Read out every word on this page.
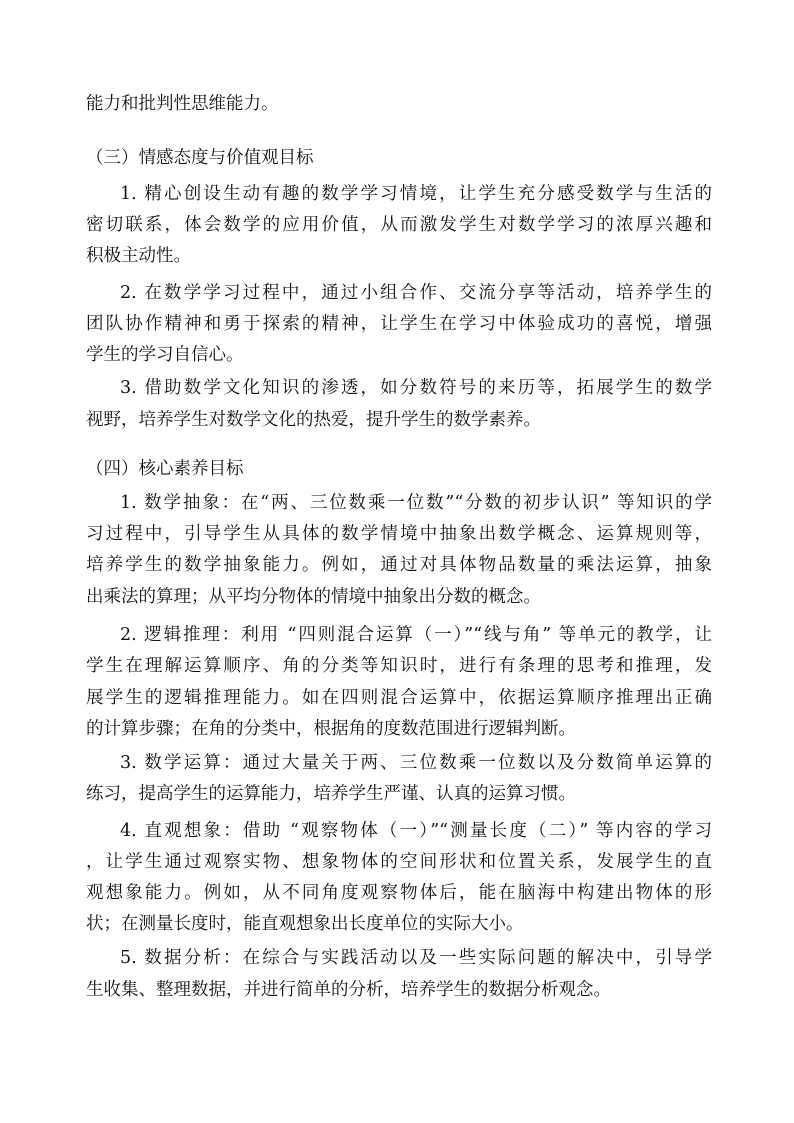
能力和批判性思维能力。
（三）情感态度与价值观目标
1. 精心创设生动有趣的数学学习情境，让学生充分感受数学与生活的
密切联系，体会数学的应用价值，从而激发学生对数学学习的浓厚兴趣和
积极主动性。
2. 在数学学习过程中，通过小组合作、交流分享等活动，培养学生的
团队协作精神和勇于探索的精神，让学生在学习中体验成功的喜悦，增强
学生的学习自信心。
3. 借助数学文化知识的渗透，如分数符号的来历等，拓展学生的数学
视野，培养学生对数学文化的热爱，提升学生的数学素养。
（四）核心素养目标
1. 数学抽象：在“两、三位数乘一位数”“分数的初步认识” 等知识的学
习过程中，引导学生从具体的数学情境中抽象出数学概念、运算规则等，
培养学生的数学抽象能力。例如，通过对具体物品数量的乘法运算，抽象
出乘法的算理；从平均分物体的情境中抽象出分数的概念。
2. 逻辑推理：利用 “四则混合运算（一）”“线与角” 等单元的教学，让
学生在理解运算顺序、角的分类等知识时，进行有条理的思考和推理，发
展学生的逻辑推理能力。如在四则混合运算中，依据运算顺序推理出正确
的计算步骤；在角的分类中，根据角的度数范围进行逻辑判断。
3. 数学运算：通过大量关于两、三位数乘一位数以及分数简单运算的
练习，提高学生的运算能力，培养学生严谨、认真的运算习惯。
4. 直观想象：借助 “观察物体（一）”“测量长度（二）” 等内容的学习
，让学生通过观察实物、想象物体的空间形状和位置关系，发展学生的直
观想象能力。例如，从不同角度观察物体后，能在脑海中构建出物体的形
状；在测量长度时，能直观想象出长度单位的实际大小。
5. 数据分析：在综合与实践活动以及一些实际问题的解决中，引导学
生收集、整理数据，并进行简单的分析，培养学生的数据分析观念。
